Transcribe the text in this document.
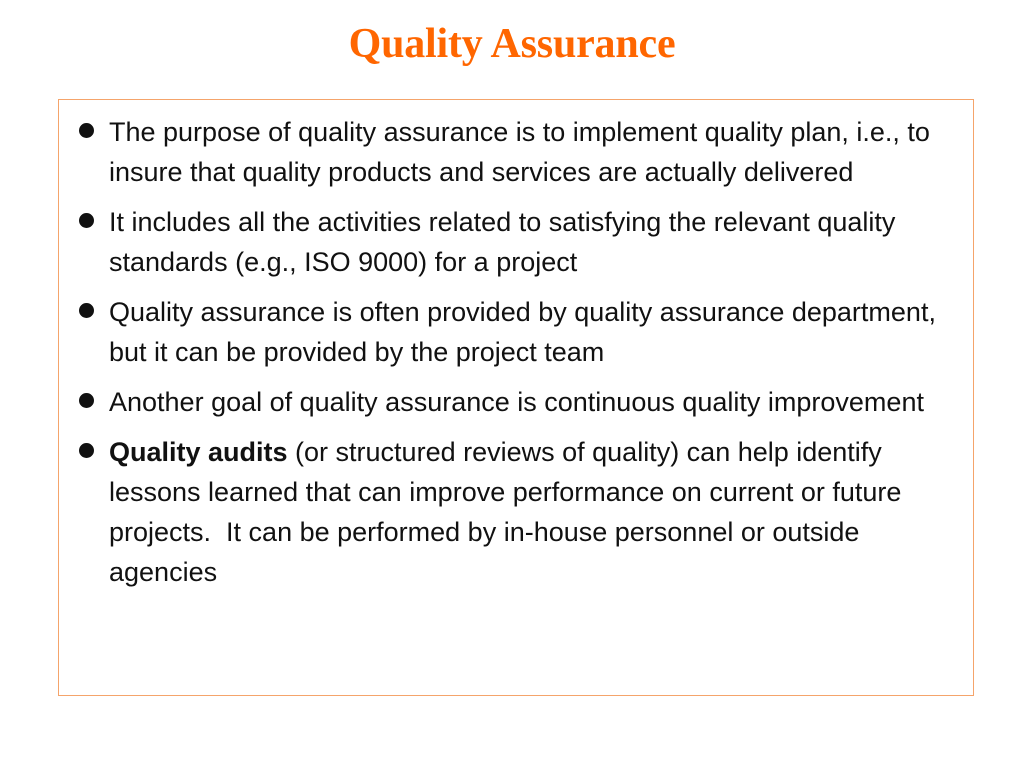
Quality Assurance
The purpose of quality assurance is to implement quality plan, i.e., to insure that quality products and services are actually delivered
It includes all the activities related to satisfying the relevant quality standards (e.g., ISO 9000) for a project
Quality assurance is often provided by quality assurance department, but it can be provided by the project team
Another goal of quality assurance is continuous quality improvement
Quality audits (or structured reviews of quality) can help identify lessons learned that can improve performance on current or future projects.  It can be performed by in-house personnel or outside agencies
